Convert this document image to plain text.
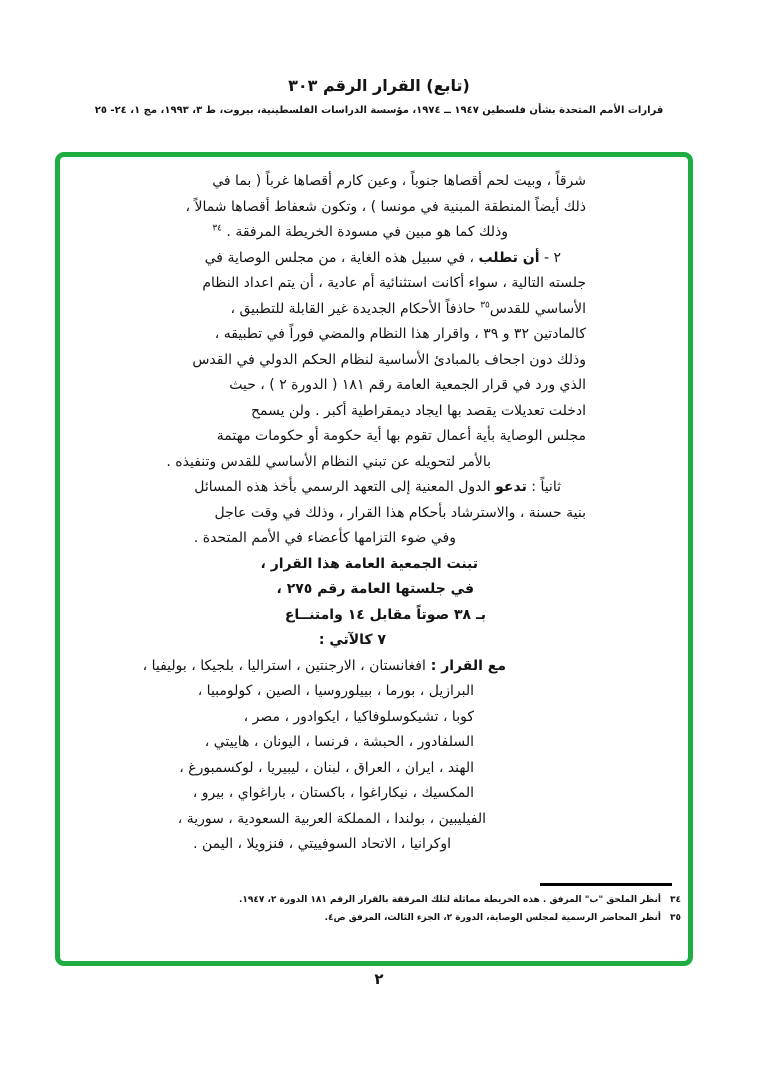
(تابع) القرار الرقم ٣٠٣
قرارات الأمم المتحدة بشأن فلسطين ١٩٤٧ ــ ١٩٧٤، مؤسسة الدراسات الفلسطينية، بيروت، ط ٣، ١٩٩٣، مج ١، ٢٤- ٢٥
شرقاً ، وبيت لحم أقصاها جنوباً ، وعين كارم أقصاها غرباً ( بما في
ذلك أيضاً المنطقة المبنية في مونسا ) ، وتكون شعفاط أقصاها شمالاً ،
وذلك كما هو مبين في مسودة الخريطة المرفقة . $^{٣٤}$
٢ - أن تطلب ، في سبيل هذه الغاية ، من مجلس الوصاية في
جلسته التالية ، سواء أكانت استثنائية أم عادية ، أن يتم اعداد النظام
الأساسي للقدس$^{٣٥}$ حاذفاً الأحكام الجديدة غير القابلة للتطبيق ،
كالمادتين ٣٢ و ٣٩ ، واقرار هذا النظام والمضي فوراً في تطبيقه ،
وذلك دون اجحاف بالمبادئ الأساسية لنظام الحكم الدولي في القدس
الذي ورد في قرار الجمعية العامة رقم ١٨١ ( الدورة ٢ ) ، حيث
ادخلت تعديلات يقصد بها ايجاد ديمقراطية أكبر . ولن يسمح
مجلس الوصاية بأية أعمال تقوم بها أية حكومة أو حكومات مهتمة
بالأمر لتحويله عن تبني النظام الأساسي للقدس وتنفيذه .
ثانياً : تدعو الدول المعنية إلى التعهد الرسمي بأخذ هذه المسائل
بنية حسنة ، والاسترشاد بأحكام هذا القرار ، وذلك في وقت عاجل
وفي ضوء التزامها كأعضاء في الأمم المتحدة .
تبنت الجمعية العامة هذا القرار ،
في جلستها العامة رقم ٢٧٥ ،
بـ ٣٨ صوتاً مقابل ١٤ وامتنــاع
٧ كالآتي :
مع القرار : افغانستان ، الارجنتين ، استراليا ، بلجيكا ، بوليفيا ،
البرازيل ، بورما ، بييلوروسيا ، الصين ، كولومبيا ،
كوبا ، تشيكوسلوفاكيا ، ايكوادور ، مصر ،
السلفادور ، الحبشة ، فرنسا ، اليونان ، هاييتي ،
الهند ، ايران ، العراق ، لبنان ، ليبيريا ، لوكسمبورغ ،
المكسيك ، نيكاراغوا ، باكستان ، باراغواي ، بيرو ،
الفيليبين ، بولندا ، المملكة العربية السعودية ، سورية ،
اوكرانيا ، الاتحاد السوفييتي ، فنزويلا ، اليمن .
٣٤أنظر الملحق "ب" المرفق . هذه الخريطة مماثلة لتلك المرفقة بالقرار الرقم ١٨١ الدورة ٢، ١٩٤٧.
٣٥أنظر المحاضر الرسمية لمجلس الوصاية، الدورة ٢، الجزء الثالث، المرفق ص٤.
٢
